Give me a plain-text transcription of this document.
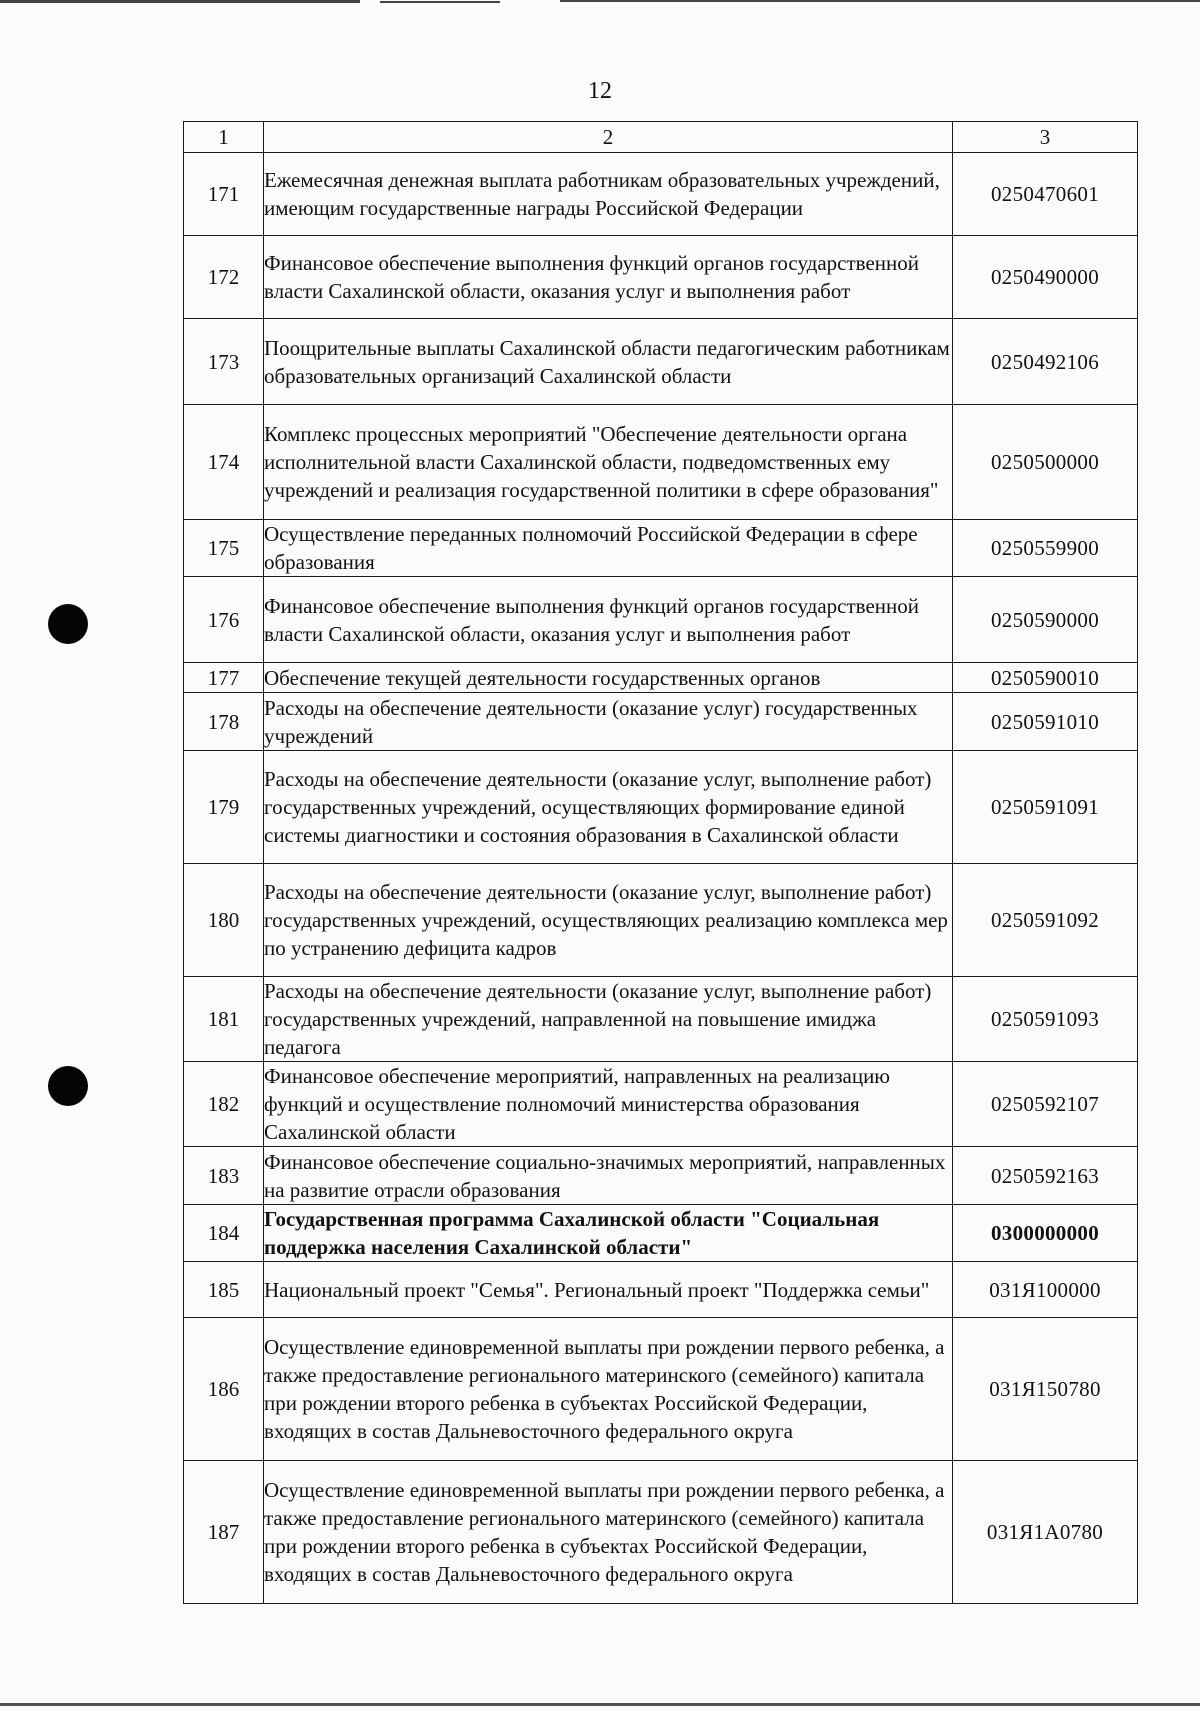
12
1	2	3
171	Ежемесячная денежная выплата работникам образовательных учреждений, имеющим государственные награды Российской Федерации	0250470601
172	Финансовое обеспечение выполнения функций органов государственной власти Сахалинской области, оказания услуг и выполнения работ	0250490000
173	Поощрительные выплаты Сахалинской области педагогическим работникам образовательных организаций Сахалинской области	0250492106
174	Комплекс процессных мероприятий "Обеспечение деятельности органа исполнительной власти Сахалинской области, подведомственных ему учреждений и реализация государственной политики в сфере образования"	0250500000
175	Осуществление переданных полномочий Российской Федерации в сфере образования	0250559900
176	Финансовое обеспечение выполнения функций органов государственной власти Сахалинской области, оказания услуг и выполнения работ	0250590000
177	Обеспечение текущей деятельности государственных органов	0250590010
178	Расходы на обеспечение деятельности (оказание услуг) государственных учреждений	0250591010
179	Расходы на обеспечение деятельности (оказание услуг, выполнение работ) государственных учреждений, осуществляющих формирование единой системы диагностики и состояния образования в Сахалинской области	0250591091
180	Расходы на обеспечение деятельности (оказание услуг, выполнение работ) государственных учреждений, осуществляющих реализацию комплекса мер по устранению дефицита кадров	0250591092
181	Расходы на обеспечение деятельности (оказание услуг, выполнение работ) государственных учреждений, направленной на повышение имиджа педагога	0250591093
182	Финансовое обеспечение мероприятий, направленных на реализацию функций и осуществление полномочий министерства образования Сахалинской области	0250592107
183	Финансовое обеспечение социально-значимых мероприятий, направленных на развитие отрасли образования	0250592163
184	Государственная программа Сахалинской области "Социальная поддержка населения Сахалинской области"	0300000000
185	Национальный проект "Семья". Региональный проект "Поддержка семьи"	031Я100000
186	Осуществление единовременной выплаты при рождении первого ребенка, а также предоставление регионального материнского (семейного) капитала при рождении второго ребенка в субъектах Российской Федерации, входящих в состав Дальневосточного федерального округа	031Я150780
187	Осуществление единовременной выплаты при рождении первого ребенка, а также предоставление регионального материнского (семейного) капитала при рождении второго ребенка в субъектах Российской Федерации, входящих в состав Дальневосточного федерального округа	031Я1А0780
